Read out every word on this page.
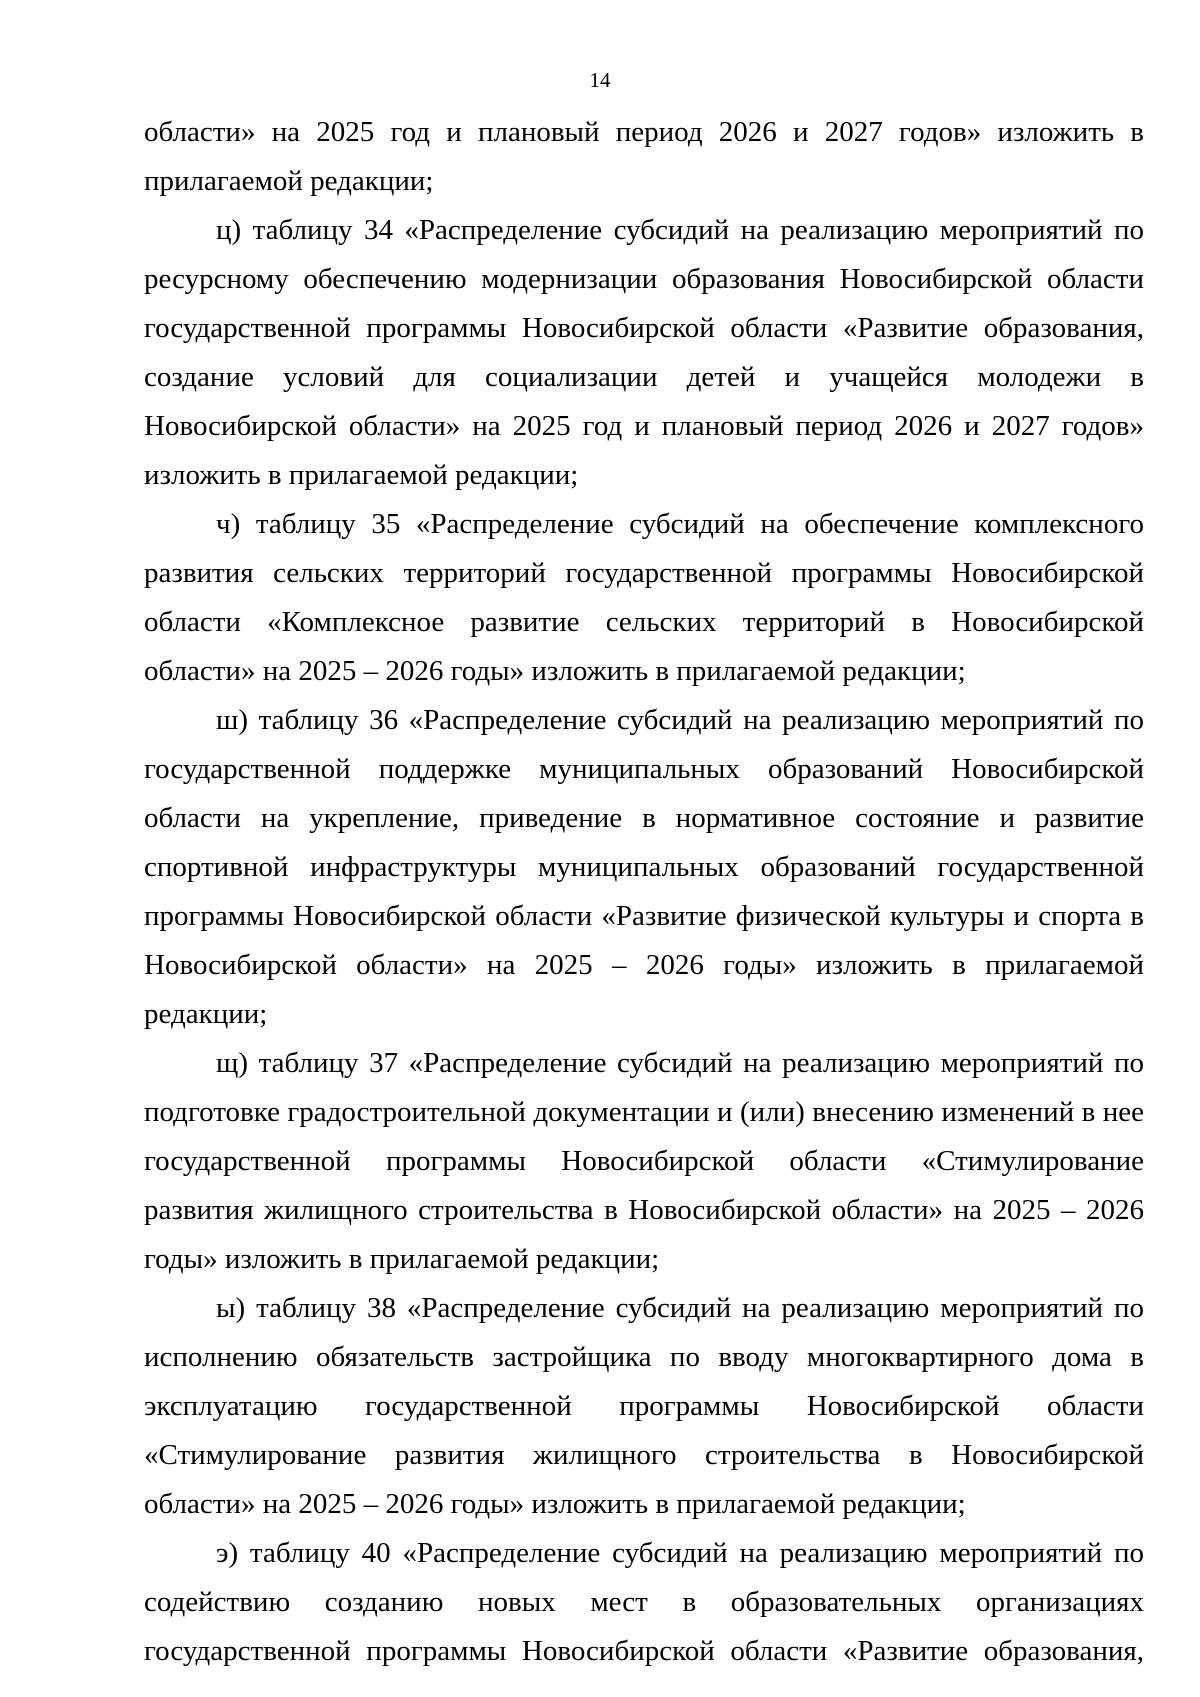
14

области» на 2025 год и плановый период 2026 и 2027 годов» изложить в прилагаемой редакции;

ц) таблицу 34 «Распределение субсидий на реализацию мероприятий по ресурсному обеспечению модернизации образования Новосибирской области государственной программы Новосибирской области «Развитие образования, создание условий для социализации детей и учащейся молодежи в Новосибирской области» на 2025 год и плановый период 2026 и 2027 годов» изложить в прилагаемой редакции;

ч) таблицу 35 «Распределение субсидий на обеспечение комплексного развития сельских территорий государственной программы Новосибирской области «Комплексное развитие сельских территорий в Новосибирской области» на 2025 – 2026 годы» изложить в прилагаемой редакции;

ш) таблицу 36 «Распределение субсидий на реализацию мероприятий по государственной поддержке муниципальных образований Новосибирской области на укрепление, приведение в нормативное состояние и развитие спортивной инфраструктуры муниципальных образований государственной программы Новосибирской области «Развитие физической культуры и спорта в Новосибирской области» на 2025 – 2026 годы» изложить в прилагаемой редакции;

щ) таблицу 37 «Распределение субсидий на реализацию мероприятий по подготовке градостроительной документации и (или) внесению изменений в нее государственной программы Новосибирской области «Стимулирование развития жилищного строительства в Новосибирской области» на 2025 – 2026 годы» изложить в прилагаемой редакции;

ы) таблицу 38 «Распределение субсидий на реализацию мероприятий по исполнению обязательств застройщика по вводу многоквартирного дома в эксплуатацию государственной программы Новосибирской области «Стимулирование развития жилищного строительства в Новосибирской области» на 2025 – 2026 годы» изложить в прилагаемой редакции;

э) таблицу 40 «Распределение субсидий на реализацию мероприятий по содействию созданию новых мест в образовательных организациях государственной программы Новосибирской области «Развитие образования,
